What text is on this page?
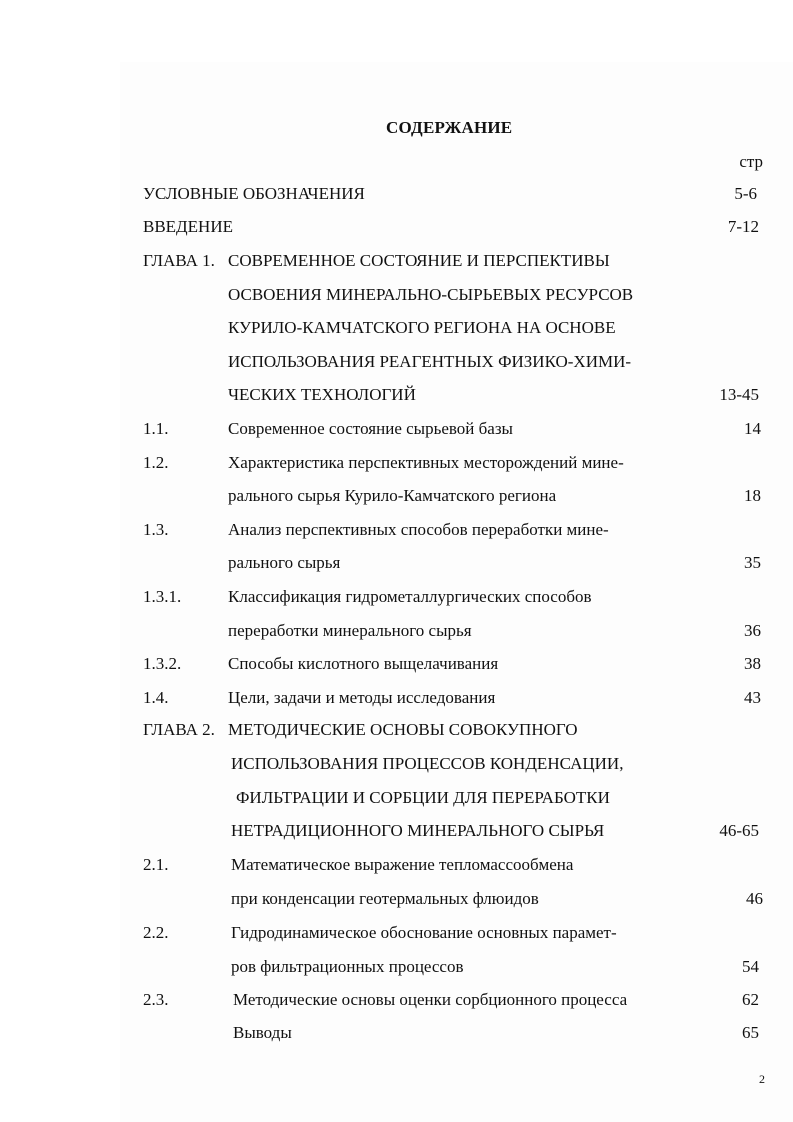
СОДЕРЖАНИЕ
стр
УСЛОВНЫЕ ОБОЗНАЧЕНИЯ	5-6
ВВЕДЕНИЕ	7-12
ГЛАВА 1. СОВРЕМЕННОЕ СОСТОЯНИЕ И ПЕРСПЕКТИВЫ
ОСВОЕНИЯ МИНЕРАЛЬНО-СЫРЬЕВЫХ РЕСУРСОВ
КУРИЛО-КАМЧАТСКОГО РЕГИОНА НА ОСНОВЕ
ИСПОЛЬЗОВАНИЯ РЕАГЕНТНЫХ ФИЗИКО-ХИМИ-
ЧЕСКИХ ТЕХНОЛОГИЙ	13-45
1.1.	Современное состояние сырьевой базы	14
1.2.	Характеристика перспективных месторождений мине-
рального сырья Курило-Камчатского региона	18
1.3.	Анализ перспективных способов переработки мине-
рального сырья	35
1.3.1.	Классификация гидрометаллургических способов
переработки минерального сырья	36
1.3.2.	Способы кислотного выщелачивания	38
1.4.	Цели, задачи и методы исследования	43
ГЛАВА 2. МЕТОДИЧЕСКИЕ ОСНОВЫ СОВОКУПНОГО
ИСПОЛЬЗОВАНИЯ ПРОЦЕССОВ КОНДЕНСАЦИИ,
ФИЛЬТРАЦИИ И СОРБЦИИ ДЛЯ ПЕРЕРАБОТКИ
НЕТРАДИЦИОННОГО МИНЕРАЛЬНОГО СЫРЬЯ	46-65
2.1.	Математическое выражение тепломассообмена
при конденсации геотермальных флюидов	46
2.2.	Гидродинамическое обоснование основных парамет-
ров фильтрационных процессов	54
2.3.	Методические основы оценки сорбционного процесса	62
Выводы	65
2
